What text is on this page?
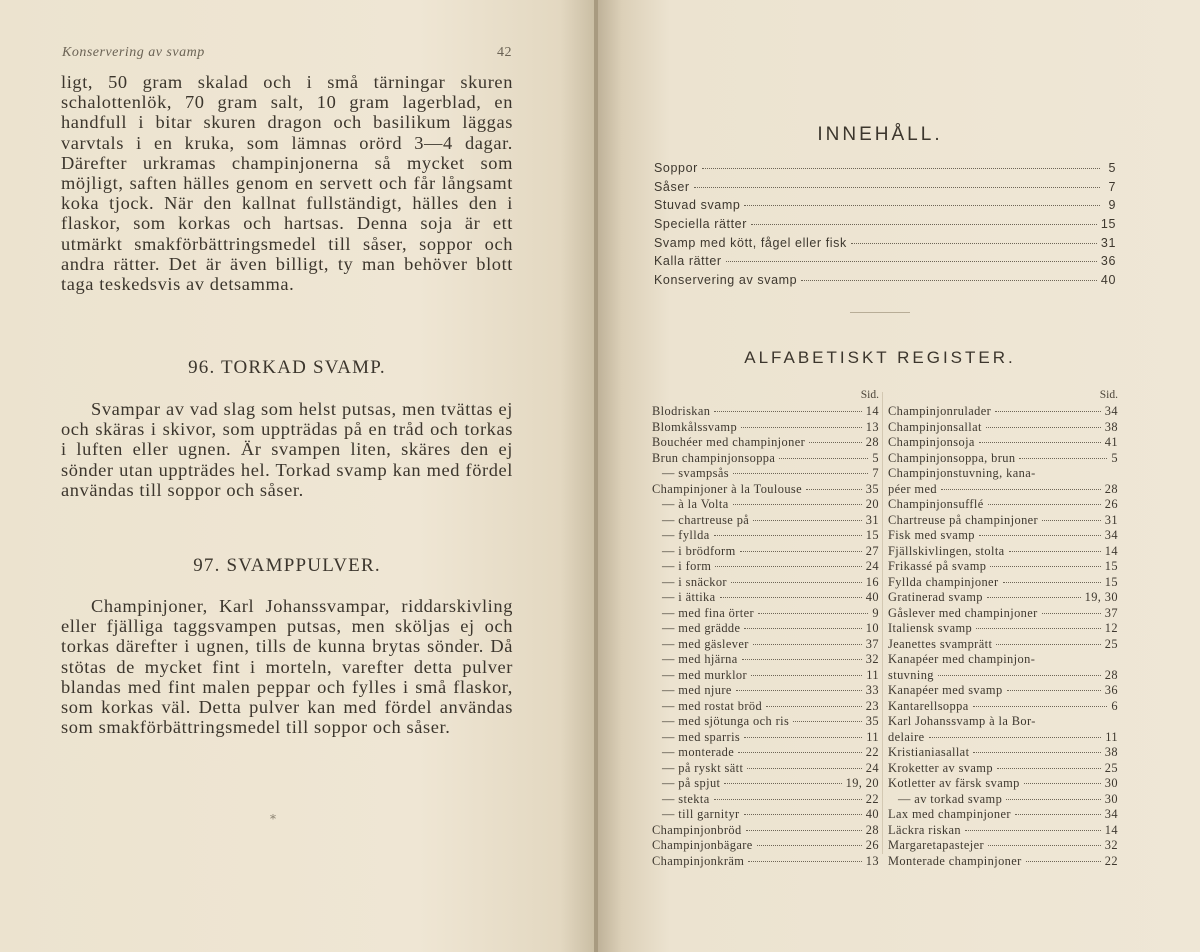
Konservering av svamp	42

ligt, 50 gram skalad och i små tärningar skuren schalottenlök, 70 gram salt, 10 gram lagerblad, en handfull i bitar skuren dragon och basilikum läggas varvtals i en kruka, som lämnas orörd 3—4 dagar. Därefter urkramas champinjonerna så mycket som möjligt, saften hälles genom en servett och får långsamt koka tjock. När den kallnat fullständigt, hälles den i flaskor, som korkas och hartsas. Denna soja är ett utmärkt smakförbättringsmedel till såser, soppor och andra rätter. Det är även billigt, ty man behöver blott taga teskedsvis av detsamma.

96. TORKAD SVAMP.

Svampar av vad slag som helst putsas, men tvättas ej och skäras i skivor, som uppträdas på en tråd och torkas i luften eller ugnen. Är svampen liten, skäres den ej sönder utan uppträdes hel. Torkad svamp kan med fördel användas till soppor och såser.

97. SVAMPPULVER.

Champinjoner, Karl Johanssvampar, riddarskivling eller fjälliga taggsvampen putsas, men sköljas ej och torkas därefter i ugnen, tills de kunna brytas sönder. Då stötas de mycket fint i morteln, varefter detta pulver blandas med fint malen peppar och fylles i små flaskor, som korkas väl. Detta pulver kan med fördel användas som smakförbättringsmedel till soppor och såser.

*
INNEHÅLL.
Soppor	5
Såser	7
Stuvad svamp	9
Speciella rätter	15
Svamp med kött, fågel eller fisk	31
Kalla rätter	36
Konservering av svamp	40
ALFABETISKT REGISTER.
Sid.
Blodriskan	14
Blomkålssvamp	13
Bouchéer med champinjoner	28
Brun champinjonsoppa	5
— svampsås	7
Champinjoner à la Toulouse	35
— à la Volta	20
— chartreuse på	31
— fyllda	15
— i brödform	27
— i form	24
— i snäckor	16
— i ättika	40
— med fina örter	9
— med grädde	10
— med gäslever	37
— med hjärna	32
— med murklor	11
— med njure	33
— med rostat bröd	23
— med sjötunga och ris	35
— med sparris	11
— monterade	22
— på ryskt sätt	24
— på spjut	19, 20
— stekta	22
— till garnityr	40
Champinjonbröd	28
Champinjonbägare	26
Champinjonkräm	13
Sid.
Champinjonrulader	34
Champinjonsallat	38
Champinjonsoja	41
Champinjonsoppa, brun	5
Champinjonstuvning, kana-
péer med	28
Champinjonsufflé	26
Chartreuse på champinjoner	31
Fisk med svamp	34
Fjällskivlingen, stolta	14
Frikassé på svamp	15
Fyllda champinjoner	15
Gratinerad svamp	19, 30
Gåslever med champinjoner	37
Italiensk svamp	12
Jeanettes svamprätt	25
Kanapéer med champinjon-
stuvning	28
Kanapéer med svamp	36
Kantarellsoppa	6
Karl Johanssvamp à la Bor-
delaire	11
Kristianiasallat	38
Kroketter av svamp	25
Kotletter av färsk svamp	30
— av torkad svamp	30
Lax med champinjoner	34
Läckra riskan	14
Margaretapastejer	32
Monterade champinjoner	22
